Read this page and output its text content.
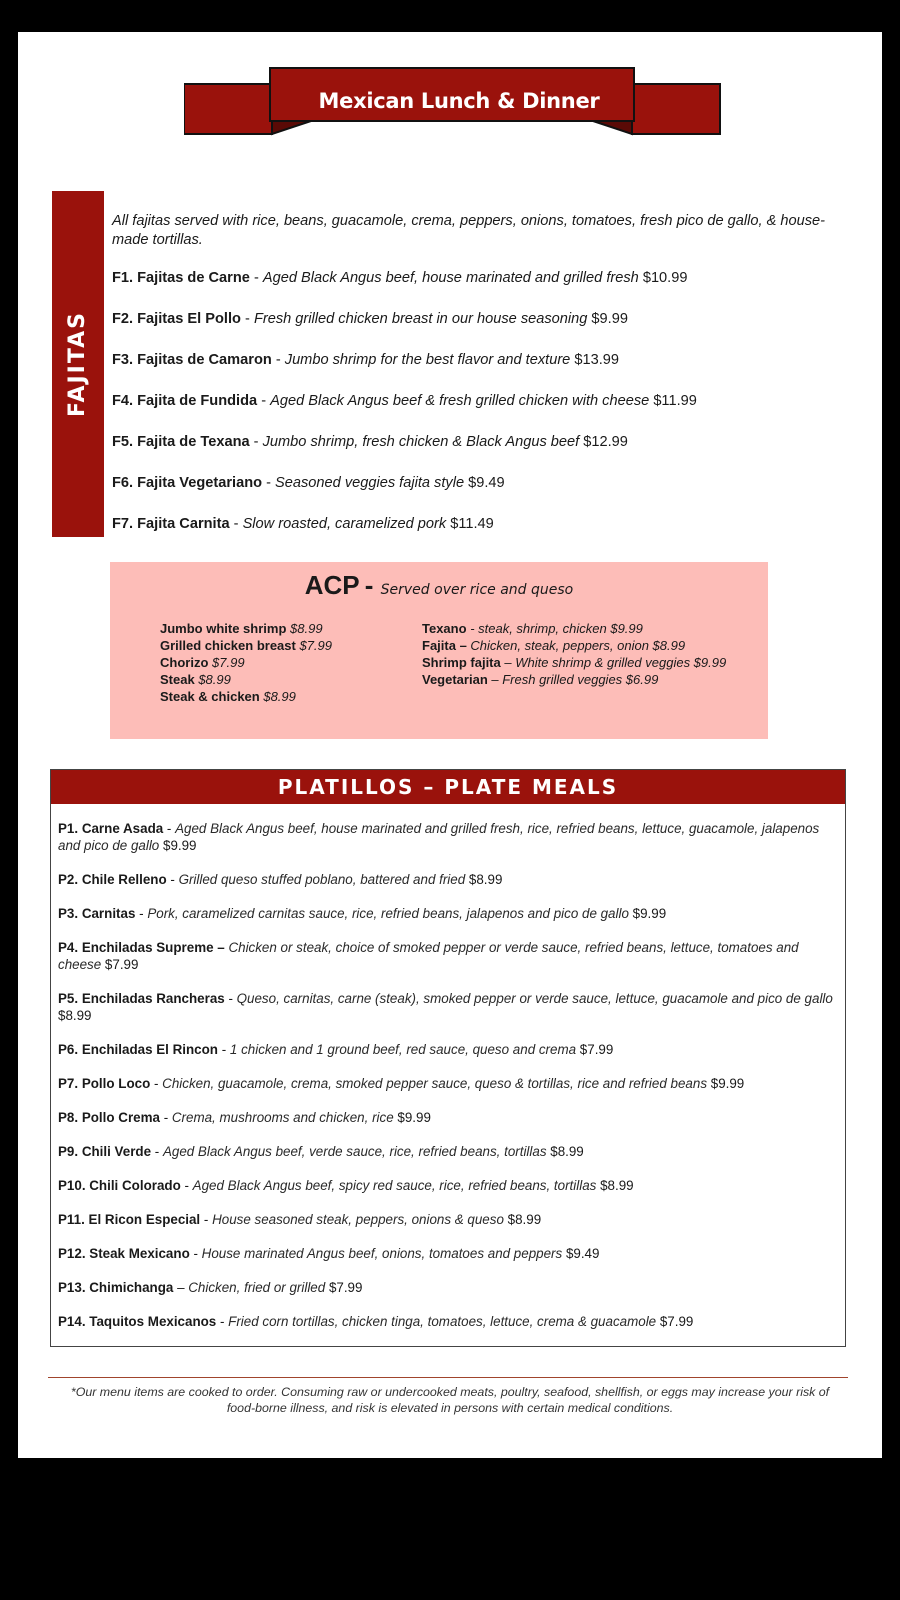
Mexican Lunch & Dinner
FAJITAS

All fajitas served with rice, beans, guacamole, crema, peppers, onions, tomatoes, fresh pico de gallo, & house-made tortillas.

F1. Fajitas de Carne - Aged Black Angus beef, house marinated and grilled fresh $10.99
F2. Fajitas El Pollo - Fresh grilled chicken breast in our house seasoning $9.99
F3. Fajitas de Camaron - Jumbo shrimp for the best flavor and texture $13.99
F4. Fajita de Fundida - Aged Black Angus beef & fresh grilled chicken with cheese $11.99
F5. Fajita de Texana - Jumbo shrimp, fresh chicken & Black Angus beef $12.99
F6. Fajita Vegetariano - Seasoned veggies fajita style $9.49
F7. Fajita Carnita - Slow roasted, caramelized pork $11.49
ACP - Served over rice and queso
Jumbo white shrimp $8.99
Grilled chicken breast $7.99
Chorizo $7.99
Steak $8.99
Steak & chicken $8.99
Texano - steak, shrimp, chicken $9.99
Fajita – Chicken, steak, peppers, onion $8.99
Shrimp fajita – White shrimp & grilled veggies $9.99
Vegetarian – Fresh grilled veggies $6.99
PLATILLOS – PLATE MEALS
P1. Carne Asada - Aged Black Angus beef, house marinated and grilled fresh, rice, refried beans, lettuce, guacamole, jalapenos and pico de gallo $9.99
P2. Chile Relleno - Grilled queso stuffed poblano, battered and fried $8.99
P3. Carnitas - Pork, caramelized carnitas sauce, rice, refried beans, jalapenos and pico de gallo $9.99
P4. Enchiladas Supreme – Chicken or steak, choice of smoked pepper or verde sauce, refried beans, lettuce, tomatoes and cheese $7.99
P5. Enchiladas Rancheras - Queso, carnitas, carne (steak), smoked pepper or verde sauce, lettuce, guacamole and pico de gallo $8.99
P6. Enchiladas El Rincon - 1 chicken and 1 ground beef, red sauce, queso and crema $7.99
P7. Pollo Loco - Chicken, guacamole, crema, smoked pepper sauce, queso & tortillas, rice and refried beans $9.99
P8. Pollo Crema - Crema, mushrooms and chicken, rice $9.99
P9. Chili Verde - Aged Black Angus beef, verde sauce, rice, refried beans, tortillas $8.99
P10. Chili Colorado - Aged Black Angus beef, spicy red sauce, rice, refried beans, tortillas $8.99
P11. El Ricon Especial - House seasoned steak, peppers, onions & queso $8.99
P12. Steak Mexicano - House marinated Angus beef, onions, tomatoes and peppers $9.49
P13. Chimichanga – Chicken, fried or grilled $7.99
P14. Taquitos Mexicanos - Fried corn tortillas, chicken tinga, tomatoes, lettuce, crema & guacamole $7.99
*Our menu items are cooked to order. Consuming raw or undercooked meats, poultry, seafood, shellfish, or eggs may increase your risk of food-borne illness, and risk is elevated in persons with certain medical conditions.
